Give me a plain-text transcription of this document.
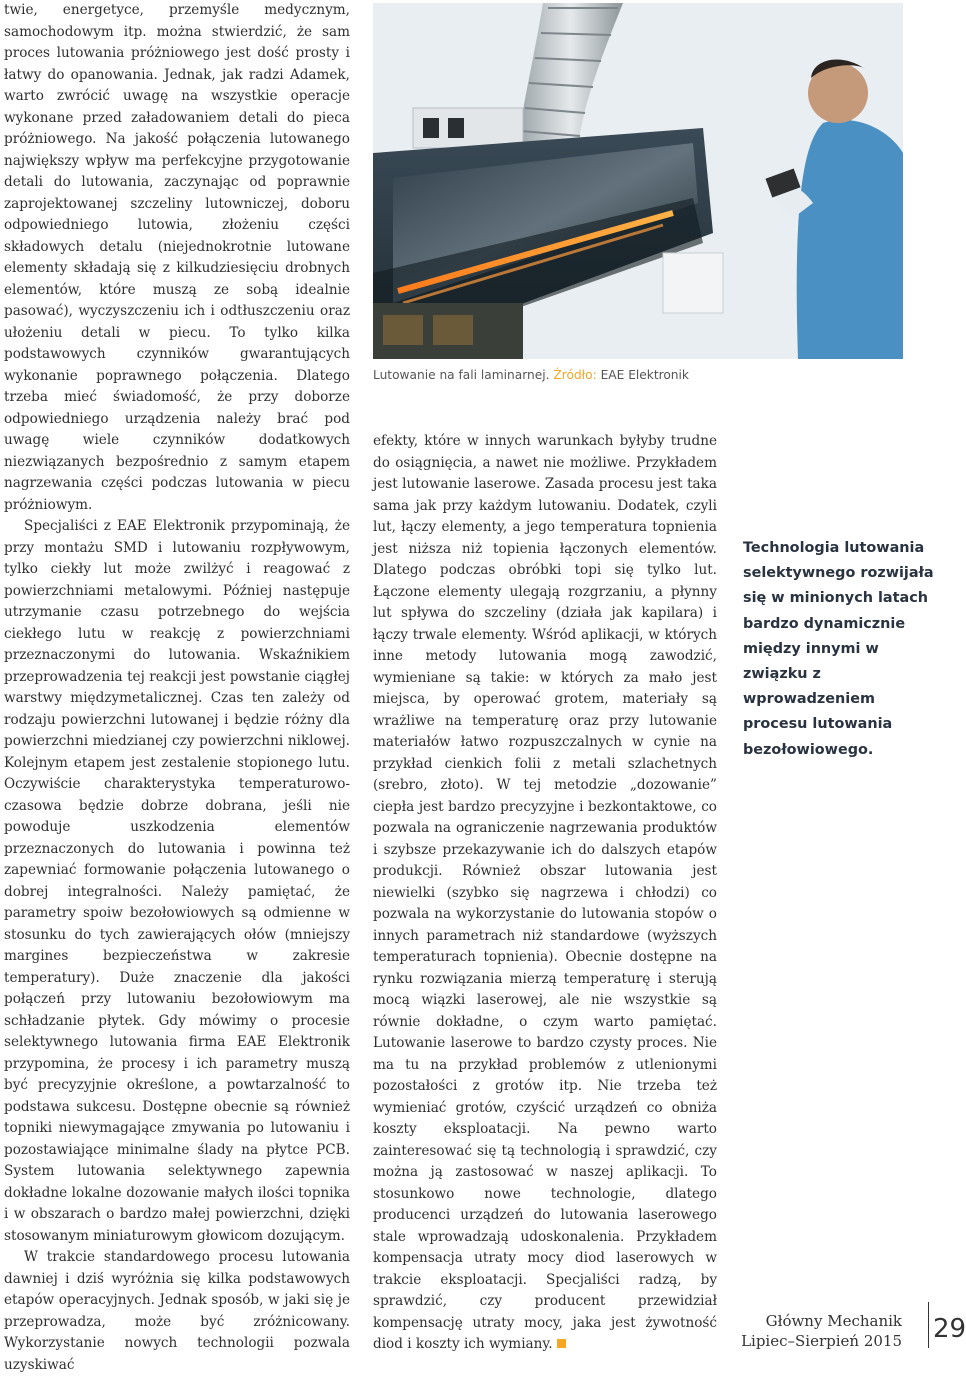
twie, energetyce, przemyśle medycznym, samochodowym itp. można stwierdzić, że sam proces lutowania próżniowego jest dość prosty i łatwy do opanowania. Jednak, jak radzi Adamek, warto zwrócić uwagę na wszystkie operacje wykonane przed załadowaniem detali do pieca próżniowego. Na jakość połączenia lutowanego największy wpływ ma perfekcyjne przygotowanie detali do lutowania, zaczynając od poprawnie zaprojektowanej szczeliny lutowniczej, doboru odpowiedniego lutowia, złożeniu części składowych detalu (niejednokrotnie lutowane elementy składają się z kilkudziesięciu drobnych elementów, które muszą ze sobą idealnie pasować), wyczyszczeniu ich i odtłuszczeniu oraz ułożeniu detali w piecu. To tylko kilka podstawowych czynników gwarantujących wykonanie poprawnego połączenia. Dlatego trzeba mieć świadomość, że przy doborze odpowiedniego urządzenia należy brać pod uwagę wiele czynników dodatkowych niezwiązanych bezpośrednio z samym etapem nagrzewania części podczas lutowania w piecu próżniowym.

Specjaliści z EAE Elektronik przypominają, że przy montażu SMD i lutowaniu rozpływowym, tylko ciekły lut może zwilżyć i reagować z powierzchniami metalowymi. Później następuje utrzymanie czasu potrzebnego do wejścia ciekłego lutu w reakcję z powierzchniami przeznaczonymi do lutowania. Wskaźnikiem przeprowadzenia tej reakcji jest powstanie ciągłej warstwy międzymetalicznej. Czas ten zależy od rodzaju powierzchni lutowanej i będzie różny dla powierzchni miedzianej czy powierzchni niklowej. Kolejnym etapem jest zestalenie stopionego lutu. Oczywiście charakterystyka temperaturowo-czasowa będzie dobrze dobrana, jeśli nie powoduje uszkodzenia elementów przeznaczonych do lutowania i powinna też zapewniać formowanie połączenia lutowanego o dobrej integralności. Należy pamiętać, że parametry spoiw bezołowiowych są odmienne w stosunku do tych zawierających ołów (mniejszy margines bezpieczeństwa w zakresie temperatury). Duże znaczenie dla jakości połączeń przy lutowaniu bezołowiowym ma schładzanie płytek. Gdy mówimy o procesie selektywnego lutowania firma EAE Elektronik przypomina, że procesy i ich parametry muszą być precyzyjnie określone, a powtarzalność to podstawa sukcesu. Dostępne obecnie są również topniki niewymagające zmywania po lutowaniu i pozostawiające minimalne ślady na płytce PCB. System lutowania selektywnego zapewnia dokładne lokalne dozowanie małych ilości topnika i w obszarach o bardzo małej powierzchni, dzięki stosowanym miniaturowym głowicom dozującym.

W trakcie standardowego procesu lutowania dawniej i dziś wyróżnia się kilka podstawowych etapów operacyjnych. Jednak sposób, w jaki się je przeprowadza, może być zróżnicowany. Wykorzystanie nowych technologii pozwala uzyskiwać

Lutowanie na fali laminarnej. Źródło: EAE Elektronik

efekty, które w innych warunkach byłyby trudne do osiągnięcia, a nawet nie możliwe. Przykładem jest lutowanie laserowe. Zasada procesu jest taka sama jak przy każdym lutowaniu. Dodatek, czyli lut, łączy elementy, a jego temperatura topnienia jest niższa niż topienia łączonych elementów. Dlatego podczas obróbki topi się tylko lut. Łączone elementy ulegają rozgrzaniu, a płynny lut spływa do szczeliny (działa jak kapilara) i łączy trwale elementy. Wśród aplikacji, w których inne metody lutowania mogą zawodzić, wymieniane są takie: w których za mało jest miejsca, by operować grotem, materiały są wrażliwe na temperaturę oraz przy lutowanie materiałów łatwo rozpuszczalnych w cynie na przykład cienkich folii z metali szlachetnych (srebro, złoto). W tej metodzie „dozowanie” ciepła jest bardzo precyzyjne i bezkontaktowe, co pozwala na ograniczenie nagrzewania produktów i szybsze przekazywanie ich do dalszych etapów produkcji. Również obszar lutowania jest niewielki (szybko się nagrzewa i chłodzi) co pozwala na wykorzystanie do lutowania stopów o innych parametrach niż standardowe (wyższych temperaturach topnienia). Obecnie dostępne na rynku rozwiązania mierzą temperaturę i sterują mocą wiązki laserowej, ale nie wszystkie są równie dokładne, o czym warto pamiętać. Lutowanie laserowe to bardzo czysty proces. Nie ma tu na przykład problemów z utlenionymi pozostałości z grotów itp. Nie trzeba też wymieniać grotów, czyścić urządzeń co obniża koszty eksploatacji. Na pewno warto zainteresować się tą technologią i sprawdzić, czy można ją zastosować w naszej aplikacji. To stosunkowo nowe technologie, dlatego producenci urządzeń do lutowania laserowego stale wprowadzają udoskonalenia. Przykładem kompensacja utraty mocy diod laserowych w trakcie eksploatacji. Specjaliści radzą, by sprawdzić, czy producent przewidział kompensację utraty mocy, jaka jest żywotność diod i koszty ich wymiany.

Technologia lutowania selektywnego rozwijała się w minionych latach bardzo dynamicznie między innymi w związku z wprowadzeniem procesu lutowania bezołowiowego.
Główny Mechanik
Lipiec–Sierpień 2015 29
